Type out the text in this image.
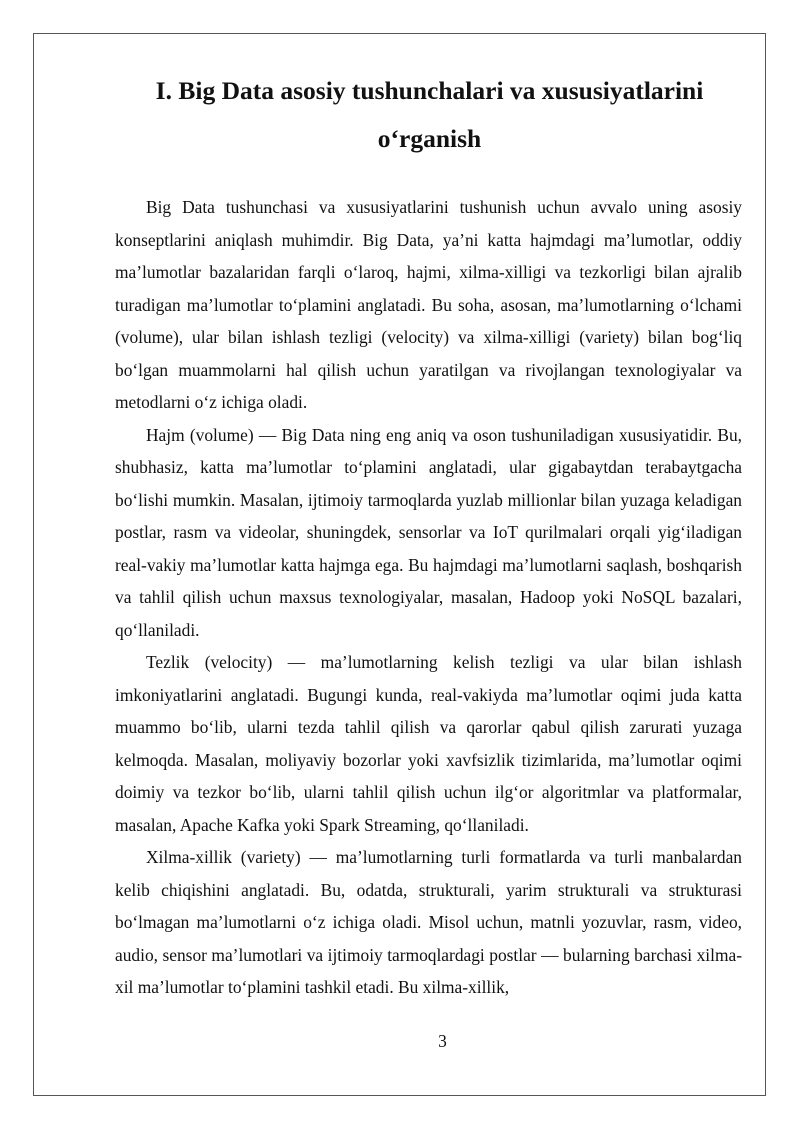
I. Big Data asosiy tushunchalari va xususiyatlarini
o‘rganish

Big Data tushunchasi va xususiyatlarini tushunish uchun avvalo uning asosiy konseptlarini aniqlash muhimdir. Big Data, ya’ni katta hajmdagi ma’lumotlar, oddiy ma’lumotlar bazalaridan farqli o‘laroq, hajmi, xilma-xilligi va tezkorligi bilan ajralib turadigan ma’lumotlar to‘plamini anglatadi. Bu soha, asosan, ma’lumotlarning o‘lchami (volume), ular bilan ishlash tezligi (velocity) va xilma-xilligi (variety) bilan bog‘liq bo‘lgan muammolarni hal qilish uchun yaratilgan va rivojlangan texnologiyalar va metodlarni o‘z ichiga oladi.

Hajm (volume) — Big Data ning eng aniq va oson tushuniladigan xususiyatidir. Bu, shubhasiz, katta ma’lumotlar to‘plamini anglatadi, ular gigabaytdan terabaytgacha bo‘lishi mumkin. Masalan, ijtimoiy tarmoqlarda yuzlab millionlar bilan yuzaga keladigan postlar, rasm va videolar, shuningdek, sensorlar va IoT qurilmalari orqali yig‘iladigan real-vakiy ma’lumotlar katta hajmga ega. Bu hajmdagi ma’lumotlarni saqlash, boshqarish va tahlil qilish uchun maxsus texnologiyalar, masalan, Hadoop yoki NoSQL bazalari, qo‘llaniladi.

Tezlik (velocity) — ma’lumotlarning kelish tezligi va ular bilan ishlash imkoniyatlarini anglatadi. Bugungi kunda, real-vakiyda ma’lumotlar oqimi juda katta muammo bo‘lib, ularni tezda tahlil qilish va qarorlar qabul qilish zarurati yuzaga kelmoqda. Masalan, moliyaviy bozorlar yoki xavfsizlik tizimlarida, ma’lumotlar oqimi doimiy va tezkor bo‘lib, ularni tahlil qilish uchun ilg‘or algoritmlar va platformalar, masalan, Apache Kafka yoki Spark Streaming, qo‘llaniladi.

Xilma-xillik (variety) — ma’lumotlarning turli formatlarda va turli manbalardan kelib chiqishini anglatadi. Bu, odatda, strukturali, yarim strukturali va strukturasi bo‘lmagan ma’lumotlarni o‘z ichiga oladi. Misol uchun, matnli yozuvlar, rasm, video, audio, sensor ma’lumotlari va ijtimoiy tarmoqlardagi postlar — bularning barchasi xilma-xil ma’lumotlar to‘plamini tashkil etadi. Bu xilma-xillik,

3
